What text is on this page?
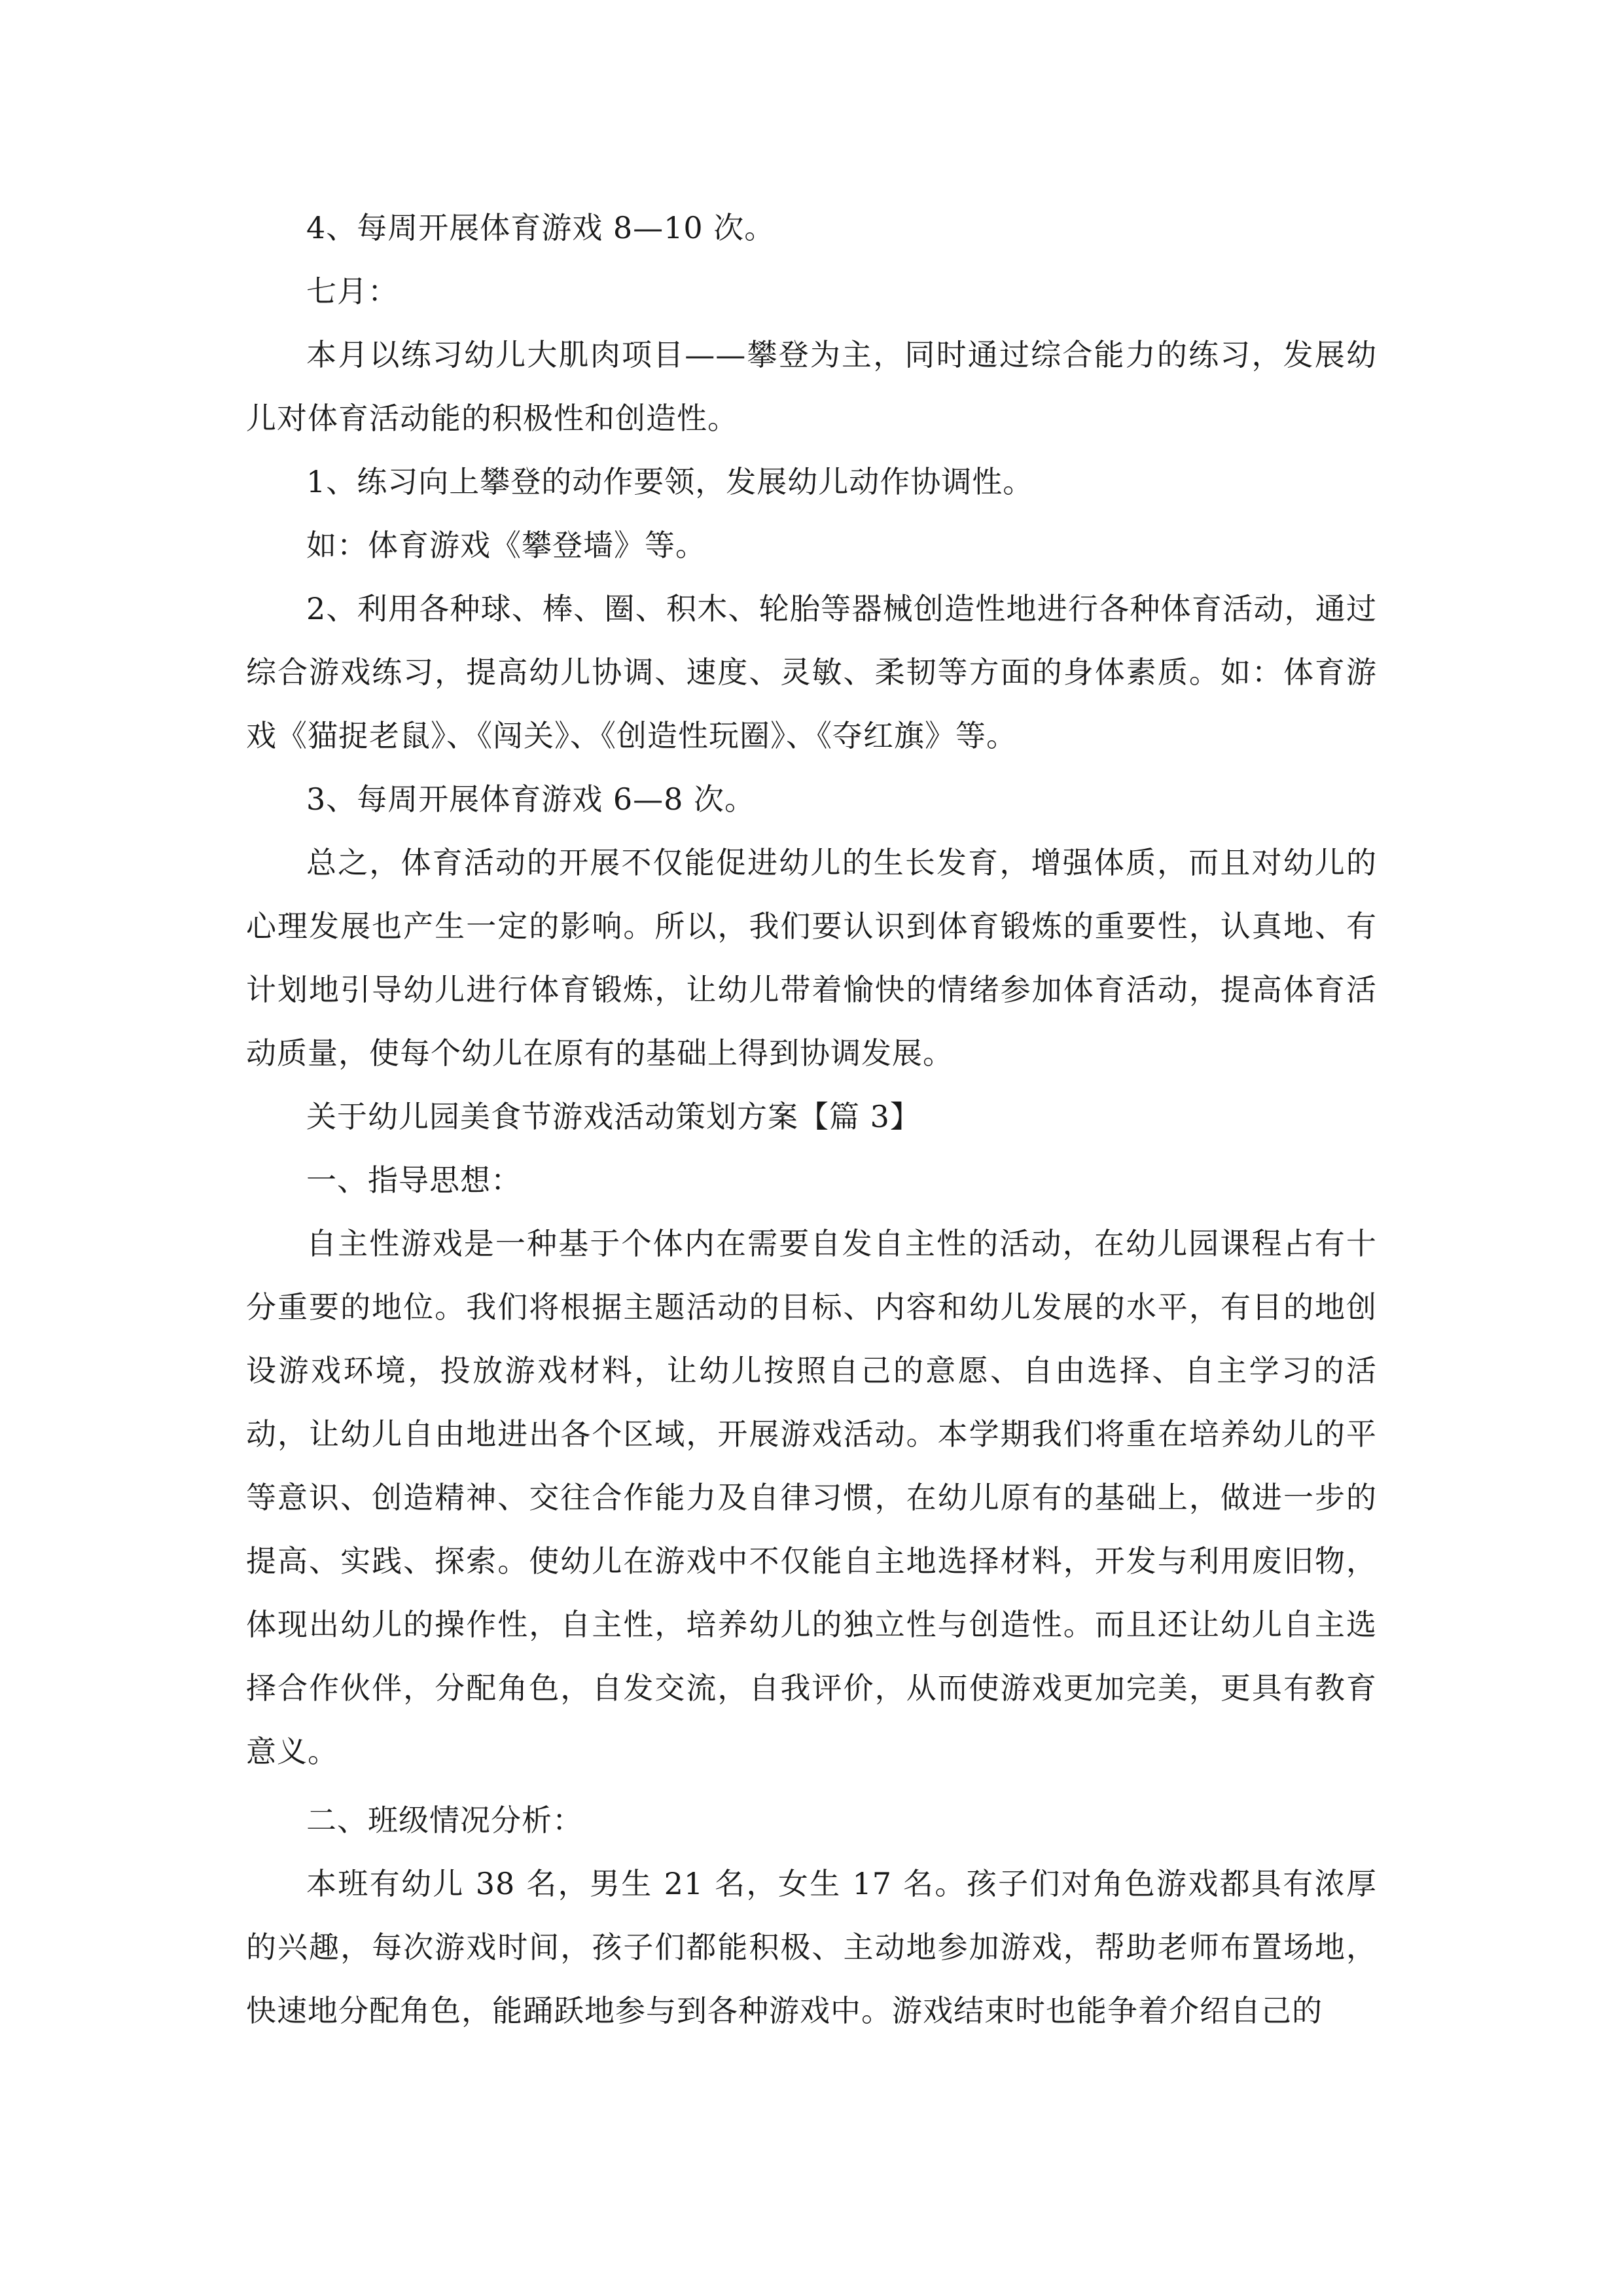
4、每周开展体育游戏 8—10 次。

七月：

本月以练习幼儿大肌肉项目——攀登为主，同时通过综合能力的练习，发展幼儿对体育活动能的积极性和创造性。

1、练习向上攀登的动作要领，发展幼儿动作协调性。

如：体育游戏《攀登墙》等。

2、利用各种球、棒、圈、积木、轮胎等器械创造性地进行各种体育活动，通过综合游戏练习，提高幼儿协调、速度、灵敏、柔韧等方面的身体素质。如：体育游戏《猫捉老鼠》、《闯关》、《创造性玩圈》、《夺红旗》等。

3、每周开展体育游戏 6—8 次。

总之，体育活动的开展不仅能促进幼儿的生长发育，增强体质，而且对幼儿的心理发展也产生一定的影响。所以，我们要认识到体育锻炼的重要性，认真地、有计划地引导幼儿进行体育锻炼，让幼儿带着愉快的情绪参加体育活动，提高体育活动质量，使每个幼儿在原有的基础上得到协调发展。

关于幼儿园美食节游戏活动策划方案【篇 3】

一、指导思想：

自主性游戏是一种基于个体内在需要自发自主性的活动，在幼儿园课程占有十分重要的地位。我们将根据主题活动的目标、内容和幼儿发展的水平，有目的地创设游戏环境，投放游戏材料，让幼儿按照自己的意愿、自由选择、自主学习的活动，让幼儿自由地进出各个区域，开展游戏活动。本学期我们将重在培养幼儿的平等意识、创造精神、交往合作能力及自律习惯，在幼儿原有的基础上，做进一步的提高、实践、探索。使幼儿在游戏中不仅能自主地选择材料，开发与利用废旧物，体现出幼儿的操作性，自主性，培养幼儿的独立性与创造性。而且还让幼儿自主选择合作伙伴，分配角色，自发交流，自我评价，从而使游戏更加完美，更具有教育意义。

二、班级情况分析：

本班有幼儿 38 名，男生 21 名，女生 17 名。孩子们对角色游戏都具有浓厚的兴趣，每次游戏时间，孩子们都能积极、主动地参加游戏，帮助老师布置场地，快速地分配角色，能踊跃地参与到各种游戏中。游戏结束时也能争着介绍自己的
